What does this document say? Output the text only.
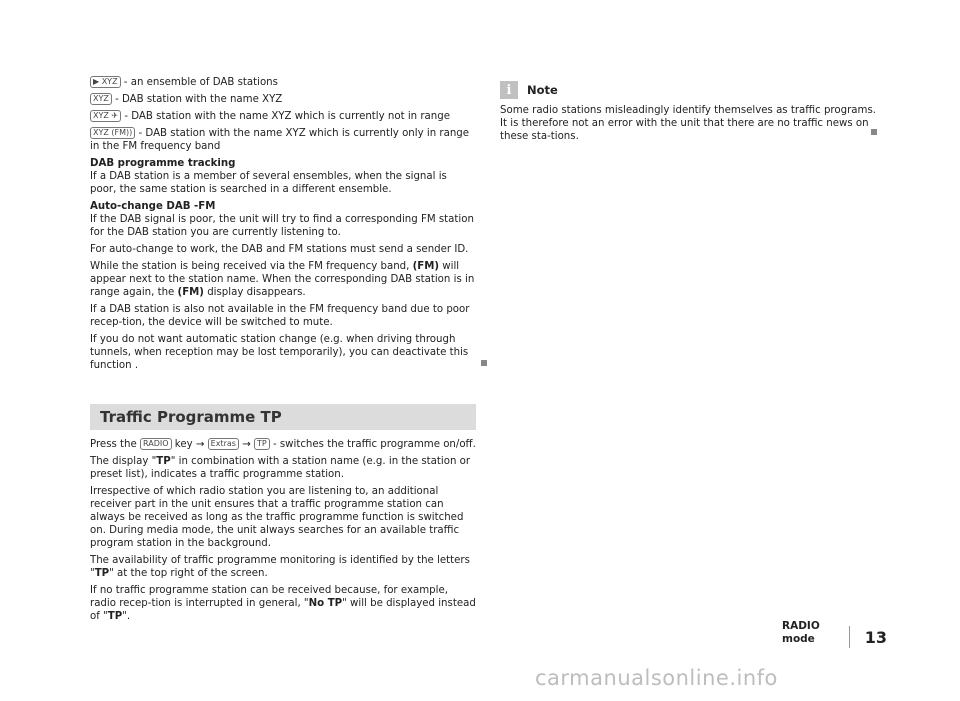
▶ XYZ - an ensemble of DAB stations

XYZ - DAB station with the name XYZ

XYZ ✈ - DAB station with the name XYZ which is currently not in range

XYZ (FM)) - DAB station with the name XYZ which is currently only in range in the FM frequency band

DAB programme tracking
If a DAB station is a member of several ensembles, when the signal is poor, the same station is searched in a different ensemble.

Auto-change DAB -FM
If the DAB signal is poor, the unit will try to find a corresponding FM station for the DAB station you are currently listening to.

For auto-change to work, the DAB and FM stations must send a sender ID.

While the station is being received via the FM frequency band, (FM) will appear next to the station name. When the corresponding DAB station is in range again, the (FM) display disappears.

If a DAB station is also not available in the FM frequency band due to poor recep-tion, the device will be switched to mute.

If you do not want automatic station change (e.g. when driving through tunnels, when reception may be lost temporarily), you can deactivate this function .

Traffic Programme TP

Press the RADIO key → Extras → TP - switches the traffic programme on/off.

The display "TP" in combination with a station name (e.g. in the station or preset list), indicates a traffic programme station.

Irrespective of which radio station you are listening to, an additional receiver part in the unit ensures that a traffic programme station can always be received as long as the traffic programme function is switched on. During media mode, the unit always searches for an available traffic program station in the background.

The availability of traffic programme monitoring is identified by the letters "TP" at the top right of the screen.

If no traffic programme station can be received because, for example, radio recep-tion is interrupted in general, "No TP" will be displayed instead of "TP".

i	Note

Some radio stations misleadingly identify themselves as traffic programs. It is therefore not an error with the unit that there are no traffic news on these sta-tions.

RADIO mode	13
carmanualsonline.info
